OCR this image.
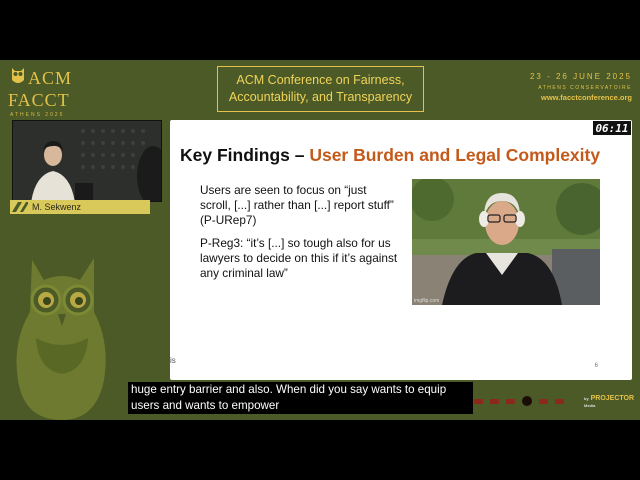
ACM
FACCT
ATHENS 2025
ACM Conference on Fairness,
Accountability, and Transparency
23 - 26 JUNE 2025
ATHENS CONSERVATOIRE
www.facctconference.org
M. Sekwenz
06:11
Key Findings – User Burden and Legal Complexity

Users are seen to focus on “just scroll, [...] rather than [...] report stuff” (P-URep7)

P-Reg3: “it’s [...] so tough also for us lawyers to decide on this if it’s against any criminal law”

imgflip.com
is
6
huge entry barrier and also. When did you say wants to equip
users and wants to empower
by PROJECTOR
Media
